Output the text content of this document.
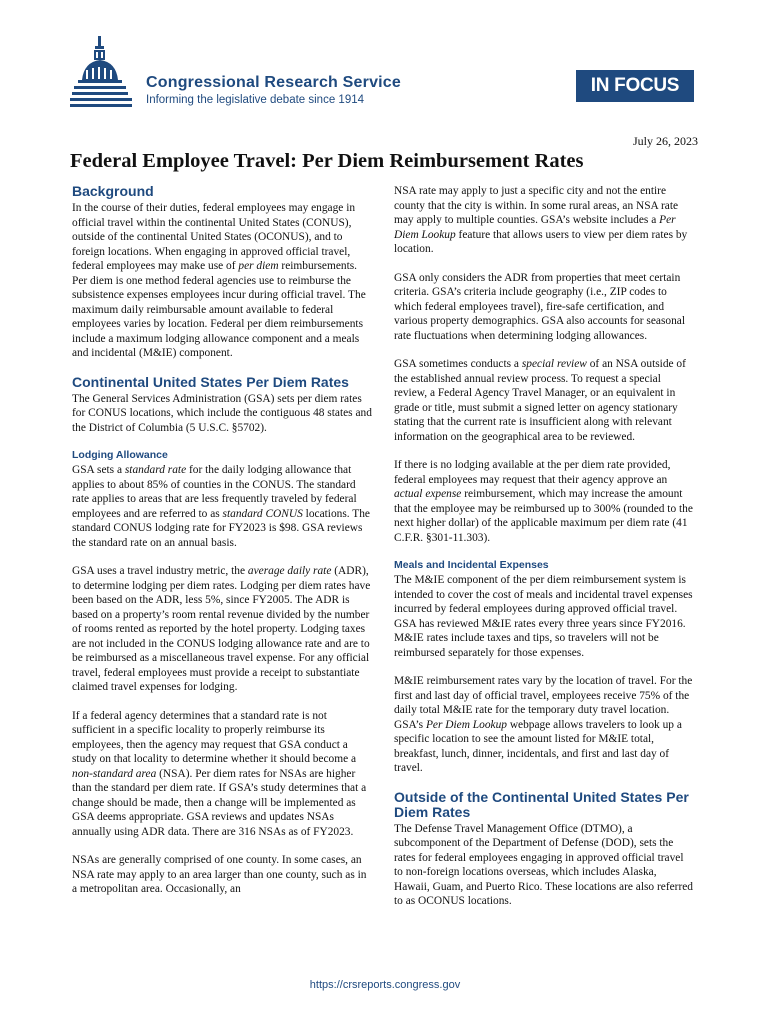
Congressional Research Service
Informing the legislative debate since 1914
IN FOCUS
July 26, 2023
Federal Employee Travel: Per Diem Reimbursement Rates
Background

In the course of their duties, federal employees may engage in official travel within the continental United States (CONUS), outside of the continental United States (OCONUS), and to foreign locations. When engaging in approved official travel, federal employees may make use of per diem reimbursements. Per diem is one method federal agencies use to reimburse the subsistence expenses employees incur during official travel. The maximum daily reimbursable amount available to federal employees varies by location. Federal per diem reimbursements include a maximum lodging allowance component and a meals and incidental (M&IE) component.

Continental United States Per Diem Rates

The General Services Administration (GSA) sets per diem rates for CONUS locations, which include the contiguous 48 states and the District of Columbia (5 U.S.C. §5702).

Lodging Allowance

GSA sets a standard rate for the daily lodging allowance that applies to about 85% of counties in the CONUS. The standard rate applies to areas that are less frequently traveled by federal employees and are referred to as standard CONUS locations. The standard CONUS lodging rate for FY2023 is $98. GSA reviews the standard rate on an annual basis.

GSA uses a travel industry metric, the average daily rate (ADR), to determine lodging per diem rates. Lodging per diem rates have been based on the ADR, less 5%, since FY2005. The ADR is based on a property’s room rental revenue divided by the number of rooms rented as reported by the hotel property. Lodging taxes are not included in the CONUS lodging allowance rate and are to be reimbursed as a miscellaneous travel expense. For any official travel, federal employees must provide a receipt to substantiate claimed travel expenses for lodging.

If a federal agency determines that a standard rate is not sufficient in a specific locality to properly reimburse its employees, then the agency may request that GSA conduct a study on that locality to determine whether it should become a non-standard area (NSA). Per diem rates for NSAs are higher than the standard per diem rate. If GSA’s study determines that a change should be made, then a change will be implemented as GSA deems appropriate. GSA reviews and updates NSAs annually using ADR data. There are 316 NSAs as of FY2023.

NSAs are generally comprised of one county. In some cases, an NSA rate may apply to an area larger than one county, such as in a metropolitan area. Occasionally, an

NSA rate may apply to just a specific city and not the entire county that the city is within. In some rural areas, an NSA rate may apply to multiple counties. GSA’s website includes a Per Diem Lookup feature that allows users to view per diem rates by location.

GSA only considers the ADR from properties that meet certain criteria. GSA’s criteria include geography (i.e., ZIP codes to which federal employees travel), fire-safe certification, and various property demographics. GSA also accounts for seasonal rate fluctuations when determining lodging allowances.

GSA sometimes conducts a special review of an NSA outside of the established annual review process. To request a special review, a Federal Agency Travel Manager, or an equivalent in grade or title, must submit a signed letter on agency stationary stating that the current rate is insufficient along with relevant information on the geographical area to be reviewed.

If there is no lodging available at the per diem rate provided, federal employees may request that their agency approve an actual expense reimbursement, which may increase the amount that the employee may be reimbursed up to 300% (rounded to the next higher dollar) of the applicable maximum per diem rate (41 C.F.R. §301-11.303).

Meals and Incidental Expenses

The M&IE component of the per diem reimbursement system is intended to cover the cost of meals and incidental travel expenses incurred by federal employees during approved official travel. GSA has reviewed M&IE rates every three years since FY2016. M&IE rates include taxes and tips, so travelers will not be reimbursed separately for those expenses.

M&IE reimbursement rates vary by the location of travel. For the first and last day of official travel, employees receive 75% of the daily total M&IE rate for the temporary duty travel location. GSA’s Per Diem Lookup webpage allows travelers to look up a specific location to see the amount listed for M&IE total, breakfast, lunch, dinner, incidentals, and first and last day of travel.

Outside of the Continental United States Per Diem Rates

The Defense Travel Management Office (DTMO), a subcomponent of the Department of Defense (DOD), sets the rates for federal employees engaging in approved official travel to non-foreign locations overseas, which includes Alaska, Hawaii, Guam, and Puerto Rico. These locations are also referred to as OCONUS locations.

https://crsreports.congress.gov
